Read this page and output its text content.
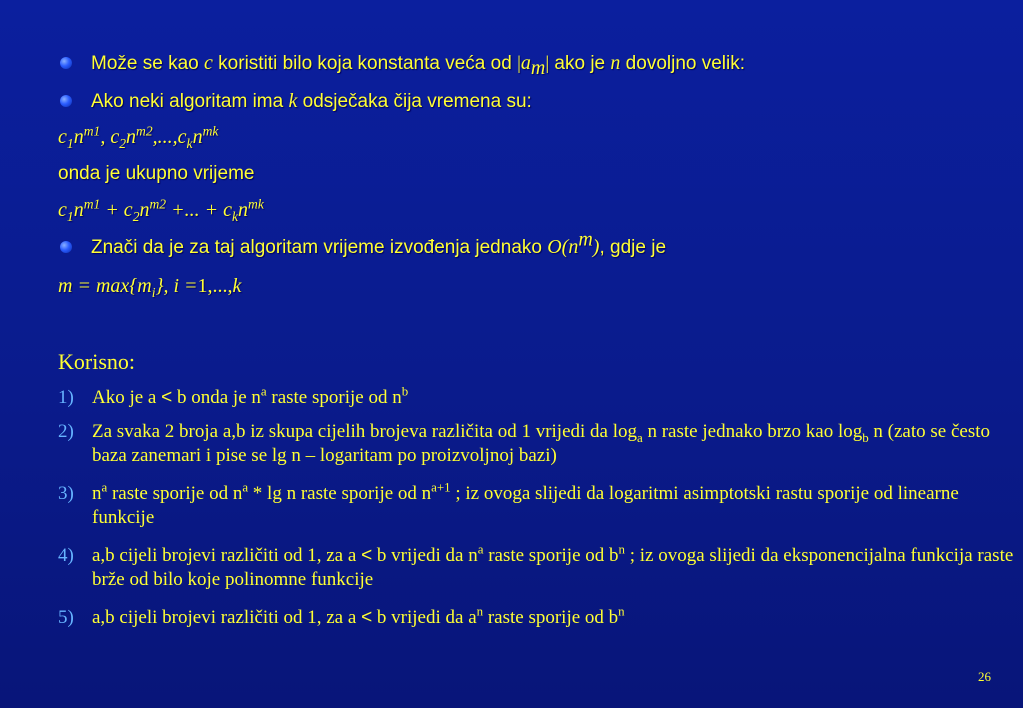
Može se kao c koristiti bilo koja konstanta veća od $|a_m|$ ako je n dovoljno velik:
Ako neki algoritam ima k odsječaka čija vremena su:
$c_1n^{m1}$, $c_2n^{m2},...,c_kn^{mk}$
onda je ukupno vrijeme
$c_1n^{m1} + c_2n^{m2}$ +... + $c_kn^{mk}$
Znači da je za taj algoritam vrijeme izvođenja jednako $O(n^m)$, gdje je
$m = \max\{m_i\}$, i =1,...,k
Korisno:
1) Ako je a < b onda je $n^a$ raste sporije od $n^b$
2) Za svaka 2 broja a,b iz skupa cijelih brojeva različita od 1 vrijedi da $\log_a n$ raste jednako brzo kao $\log_b n$ (zato se često baza zanemari i pise se lg n – logaritam po proizvoljnoj bazi)
3) $n^a$ raste sporije od $n^a$ * lg n raste sporije od $n^{a+1}$ ; iz ovoga slijedi da logaritmi asimptotski rastu sporije od linearne funkcije
4) a,b cijeli brojevi različiti od 1, za a < b vrijedi da $n^a$ raste sporije od $b^n$ ; iz ovoga slijedi da eksponencijalna funkcija raste brže od bilo koje polinomne funkcije
5) a,b cijeli brojevi različiti od 1, za a < b vrijedi da $a^n$ raste sporije od $b^n$
26
